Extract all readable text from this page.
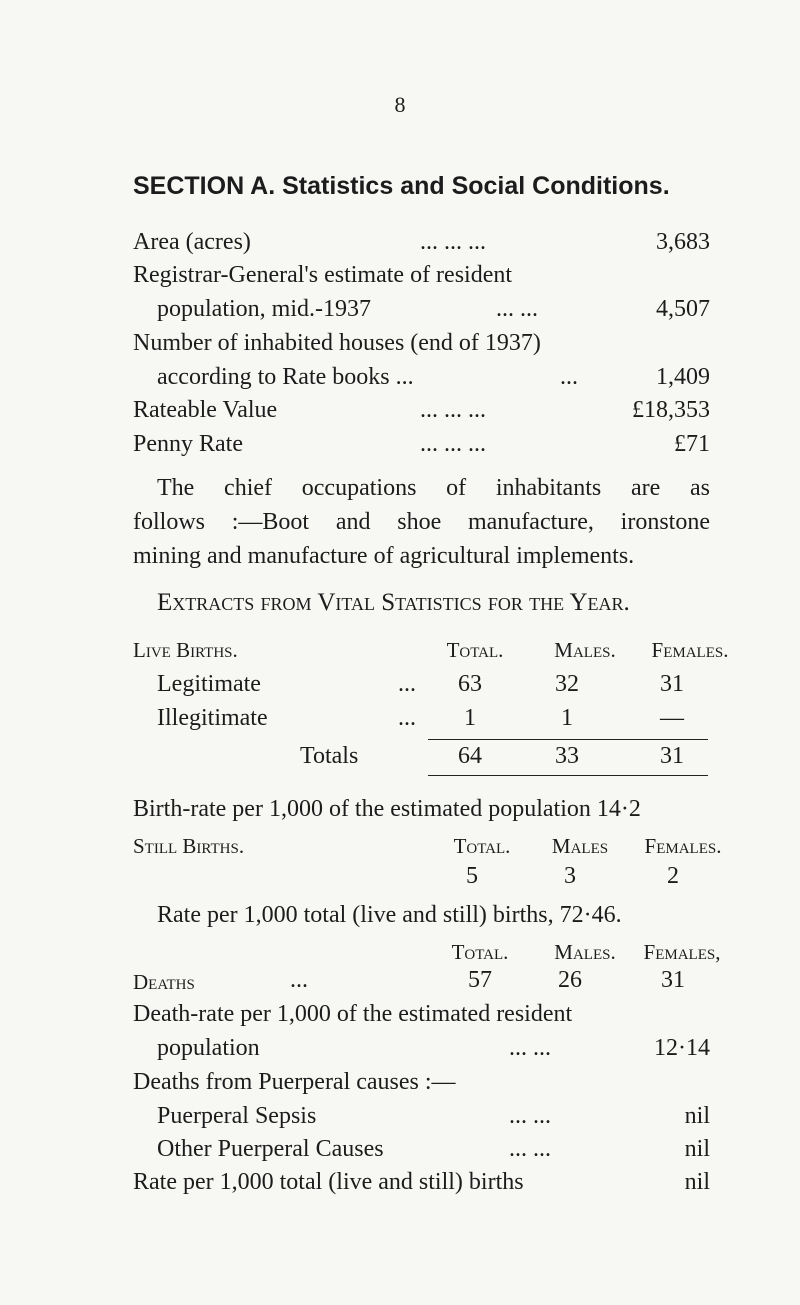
8
SECTION A. Statistics and Social Conditions.
Area (acres)	... ... ...	3,683
Registrar-General's estimate of resident
population, mid.-1937	... ...	4,507
Number of inhabited houses (end of 1937)
according to Rate books ...	...	1,409
Rateable Value	... ... ...	£18,353
Penny Rate	... ... ...	£71
The chief occupations of inhabitants are as
follows :—Boot and shoe manufacture, ironstone
mining and manufacture of agricultural implements.
Extracts from Vital Statistics for the Year.
Live Births.	Total.	Males.	Females.
Legitimate	...	63	32	31
Illegitimate	...	1	1	—
Totals	64	33	31
Birth-rate per 1,000 of the estimated population 14·2
Still Births.	Total.	Males	Females.
5	3	2
Rate per 1,000 total (live and still) births, 72·46.
Total.	Males.	Females,
Deaths	...	57	26	31
Death-rate per 1,000 of the estimated resident
population	... ...	12·14
Deaths from Puerperal causes :—
Puerperal Sepsis	... ...	nil
Other Puerperal Causes	... ...	nil
Rate per 1,000 total (live and still) births	nil
